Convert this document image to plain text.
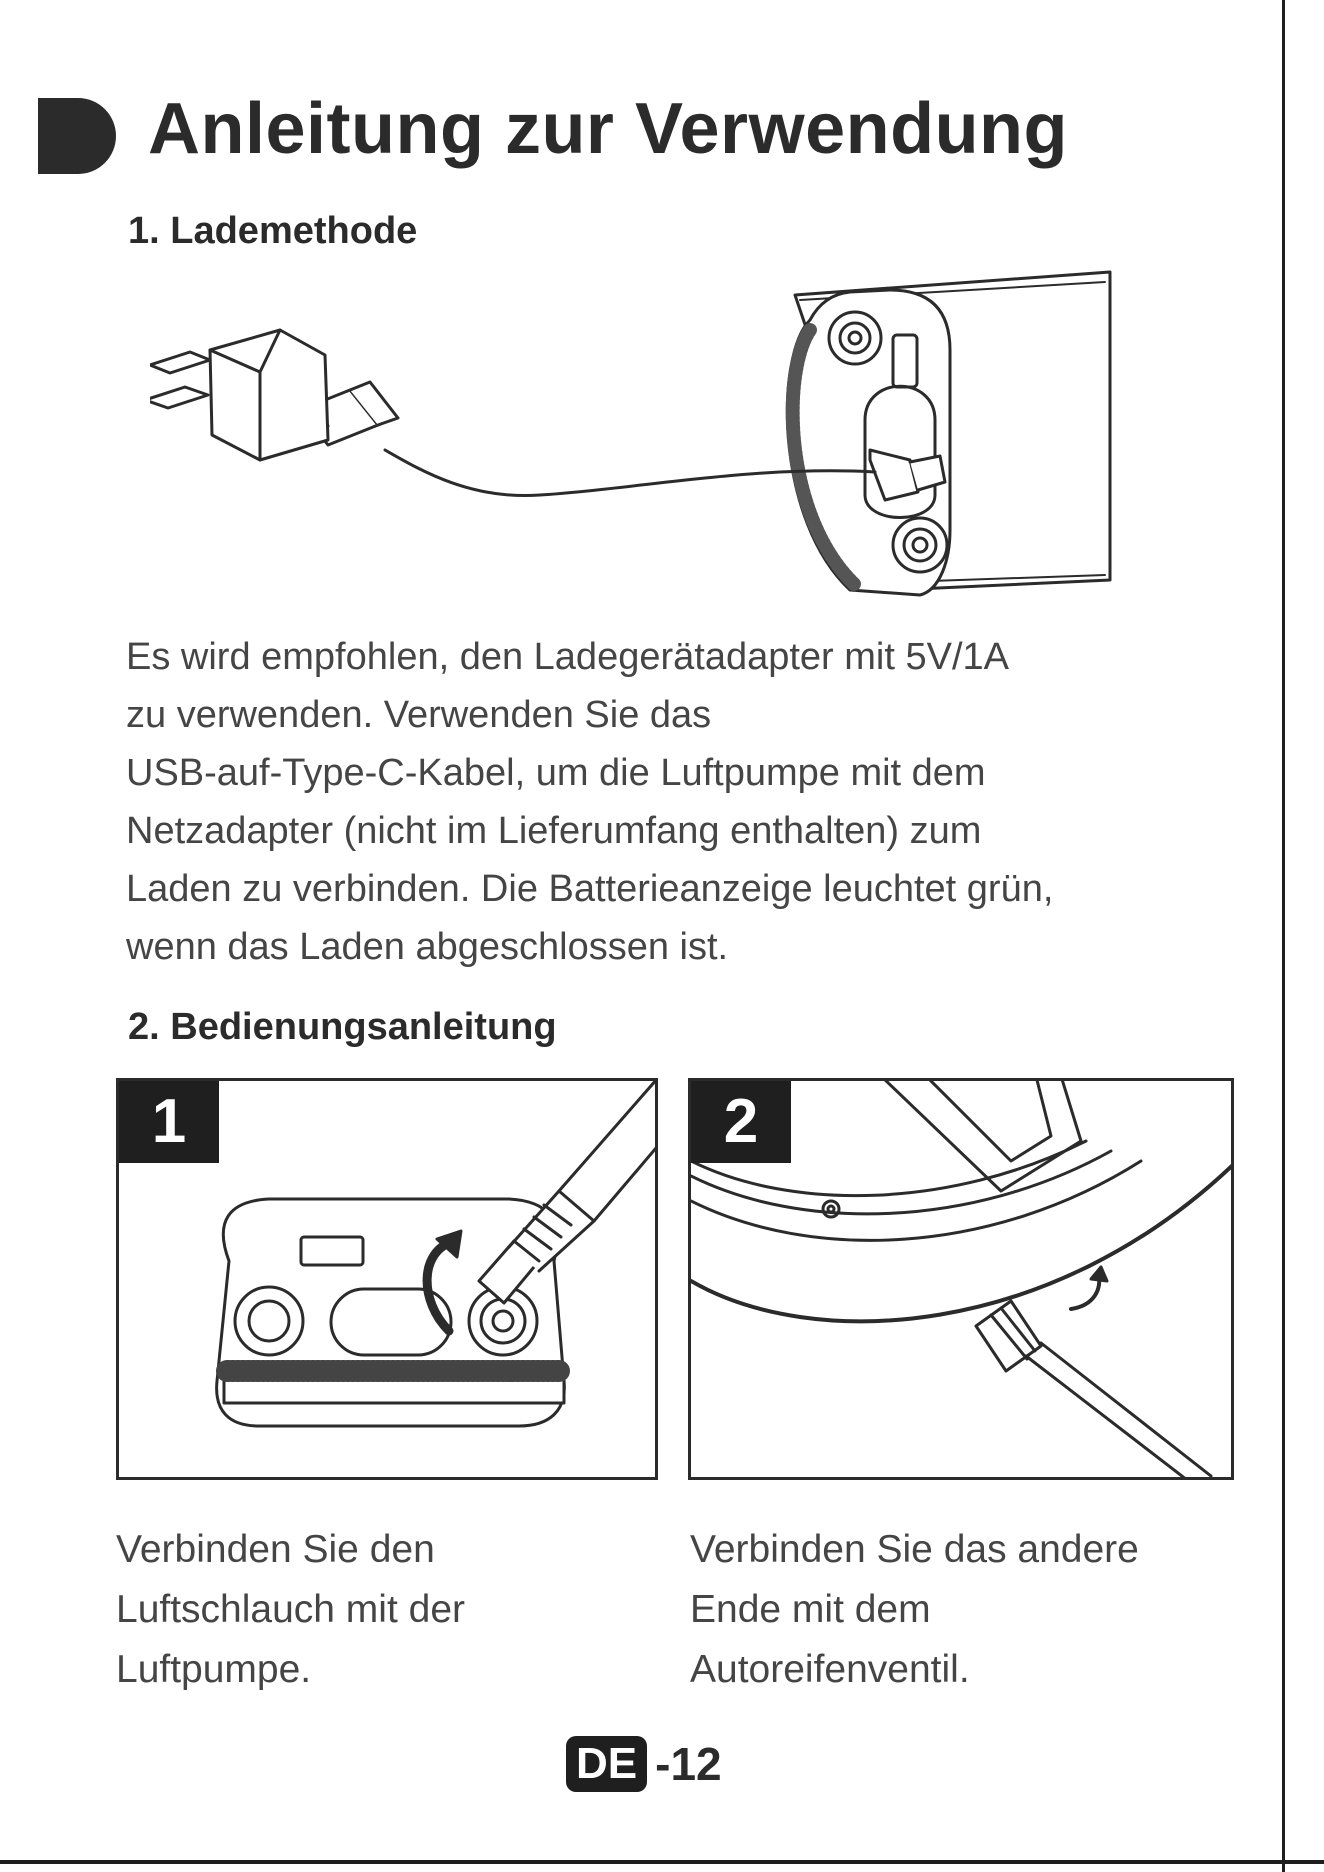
Anleitung zur Verwendung
1. Lademethode

Es wird empfohlen, den Ladegerätadapter mit 5V/1A
zu verwenden. Verwenden Sie das
USB-auf-Type-C-Kabel, um die Luftpumpe mit dem
Netzadapter (nicht im Lieferumfang enthalten) zum
Laden zu verbinden. Die Batterieanzeige leuchtet grün,
wenn das Laden abgeschlossen ist.

2. Bedienungsanleitung
1	2
Verbinden Sie den
Luftschlauch mit der
Luftpumpe.
Verbinden Sie das andere
Ende mit dem
Autoreifenventil.
DE -12
